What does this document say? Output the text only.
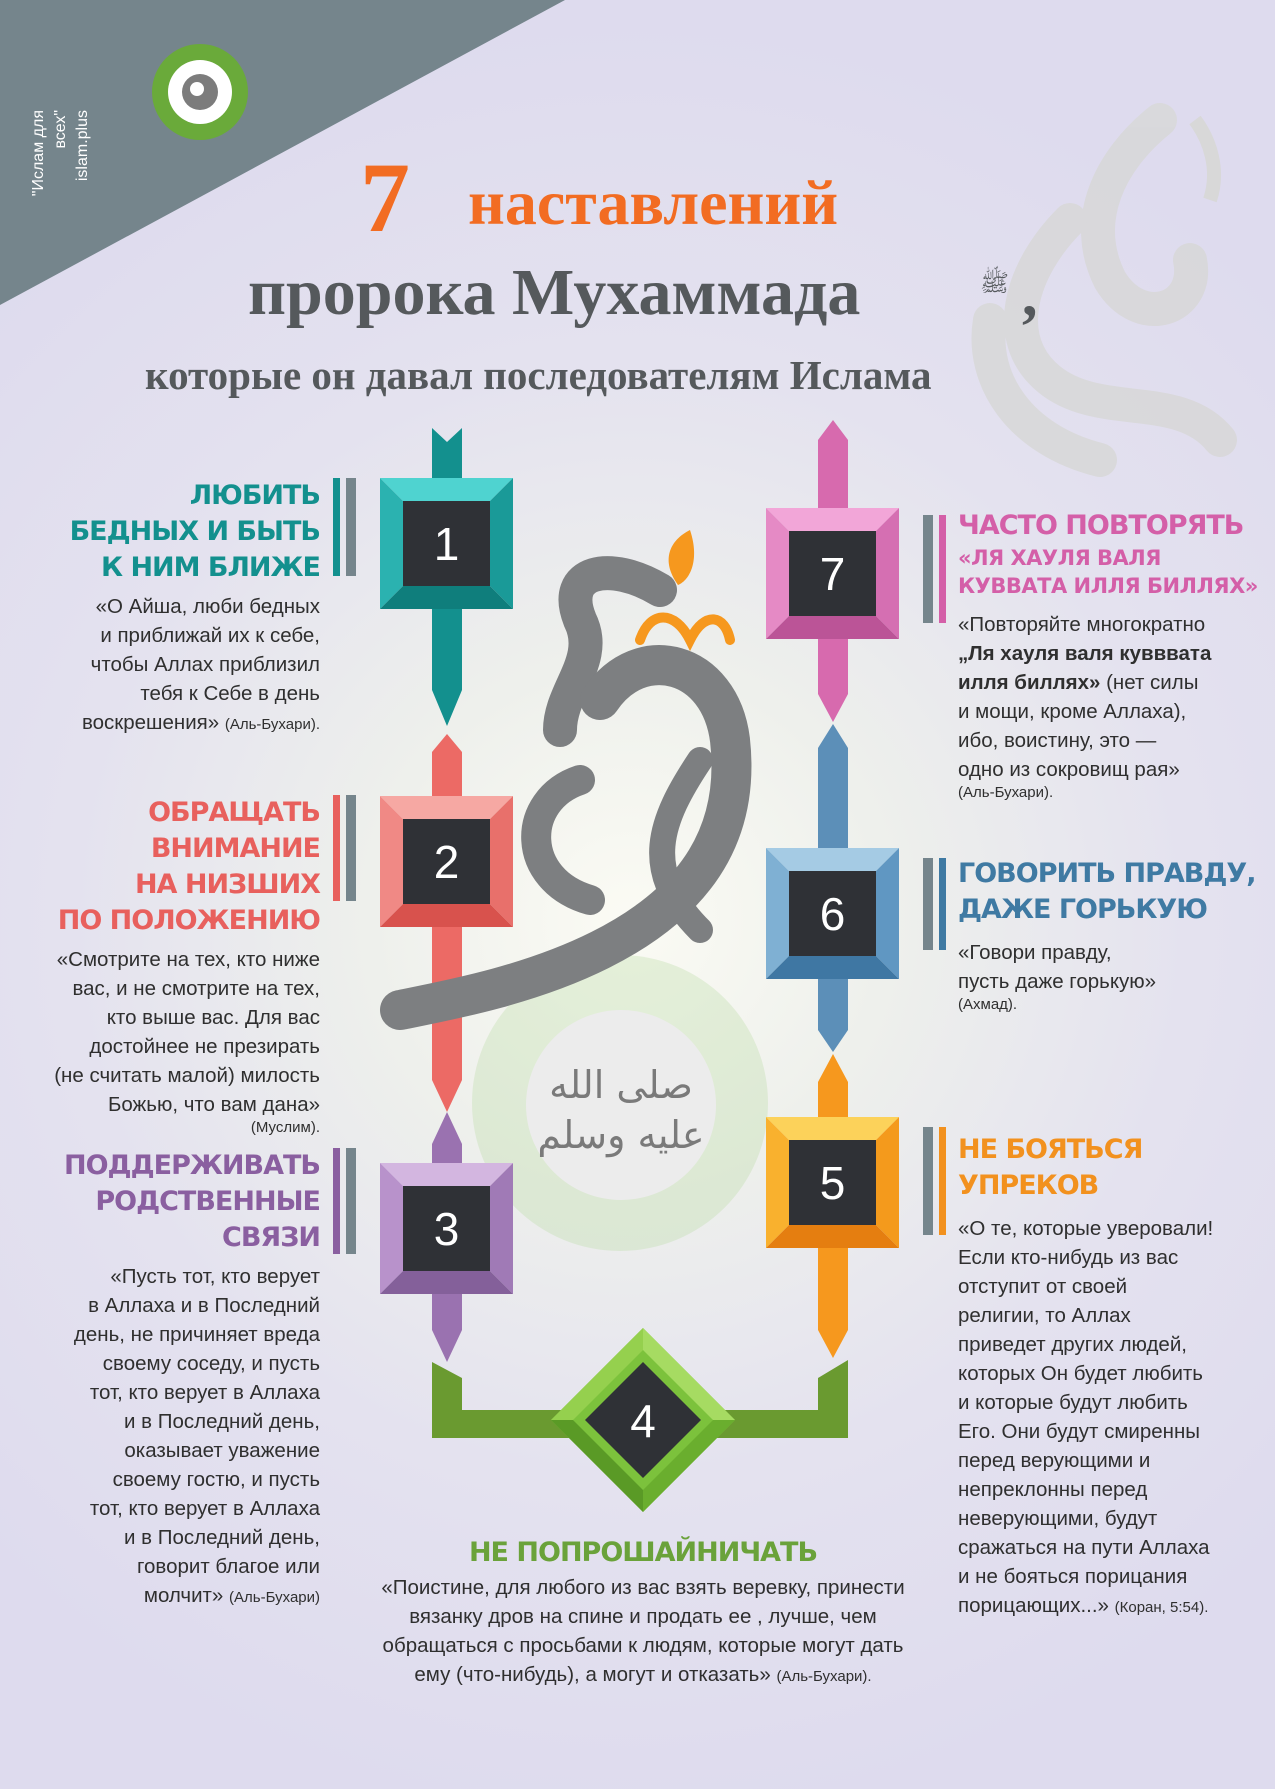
"Ислам для всех" islam.plus	7 наставлений
пророка Мухаммада	ﷺ ,
которые он давал последователям Ислама
1
2
3
7
6
5
4
صلى الله
عليه وسلم
ЛЮБИТЬ
БЕДНЫХ И БЫТЬ
К НИМ БЛИЖЕ
«О Айша, люби бедных
и приближай их к себе,
чтобы Аллах приблизил
тебя к Себе в день
воскрешения» (Аль-Бухари).
ОБРАЩАТЬ ВНИМАНИЕ
НА НИЗШИХ
ПО ПОЛОЖЕНИЮ
«Смотрите на тех, кто ниже
вас, и не смотрите на тех,
кто выше вас. Для вас
достойнее не презирать
(не считать малой) милость
Божью, что вам дана»
(Муслим).
ПОДДЕРЖИВАТЬ
РОДСТВЕННЫЕ
СВЯЗИ
«Пусть тот, кто верует
в Аллаха и в Последний
день, не причиняет вреда
своему соседу, и пусть
тот, кто верует в Аллаха
и в Последний день,
оказывает уважение
своему гостю, и пусть
тот, кто верует в Аллаха
и в Последний день,
говорит благое или
молчит» (Аль-Бухари)
НЕ ПОПРОШАЙНИЧАТЬ
«Поистине, для любого из вас взять веревку, принести
вязанку дров на спине и продать ее , лучше, чем
обращаться с просьбами к людям, которые могут дать
ему (что-нибудь), а могут и отказать» (Аль-Бухари).
ЧАСТО ПОВТОРЯТЬ
«ЛЯ ХАУЛЯ ВАЛЯ
КУВВАТА ИЛЛЯ БИЛЛЯХ»
«Повторяйте многократно
„Ля хауля валя кувввата
илля биллях» (нет силы
и мощи, кроме Аллаха),
ибо, воистину, это —
одно из сокровищ рая»
(Аль-Бухари).
ГОВОРИТЬ ПРАВДУ,
ДАЖЕ ГОРЬКУЮ
«Говори правду,
пусть даже горькую»
(Ахмад).
НЕ БОЯТЬСЯ
УПРЕКОВ
«О те, которые уверовали!
Если кто-нибудь из вас
отступит от своей
религии, то Аллах
приведет других людей,
которых Он будет любить
и которые будут любить
Его. Они будут смиренны
перед верующими и
непреклонны перед
неверующими, будут
сражаться на пути Аллаха
и не бояться порицания
порицающих...» (Коран, 5:54).
